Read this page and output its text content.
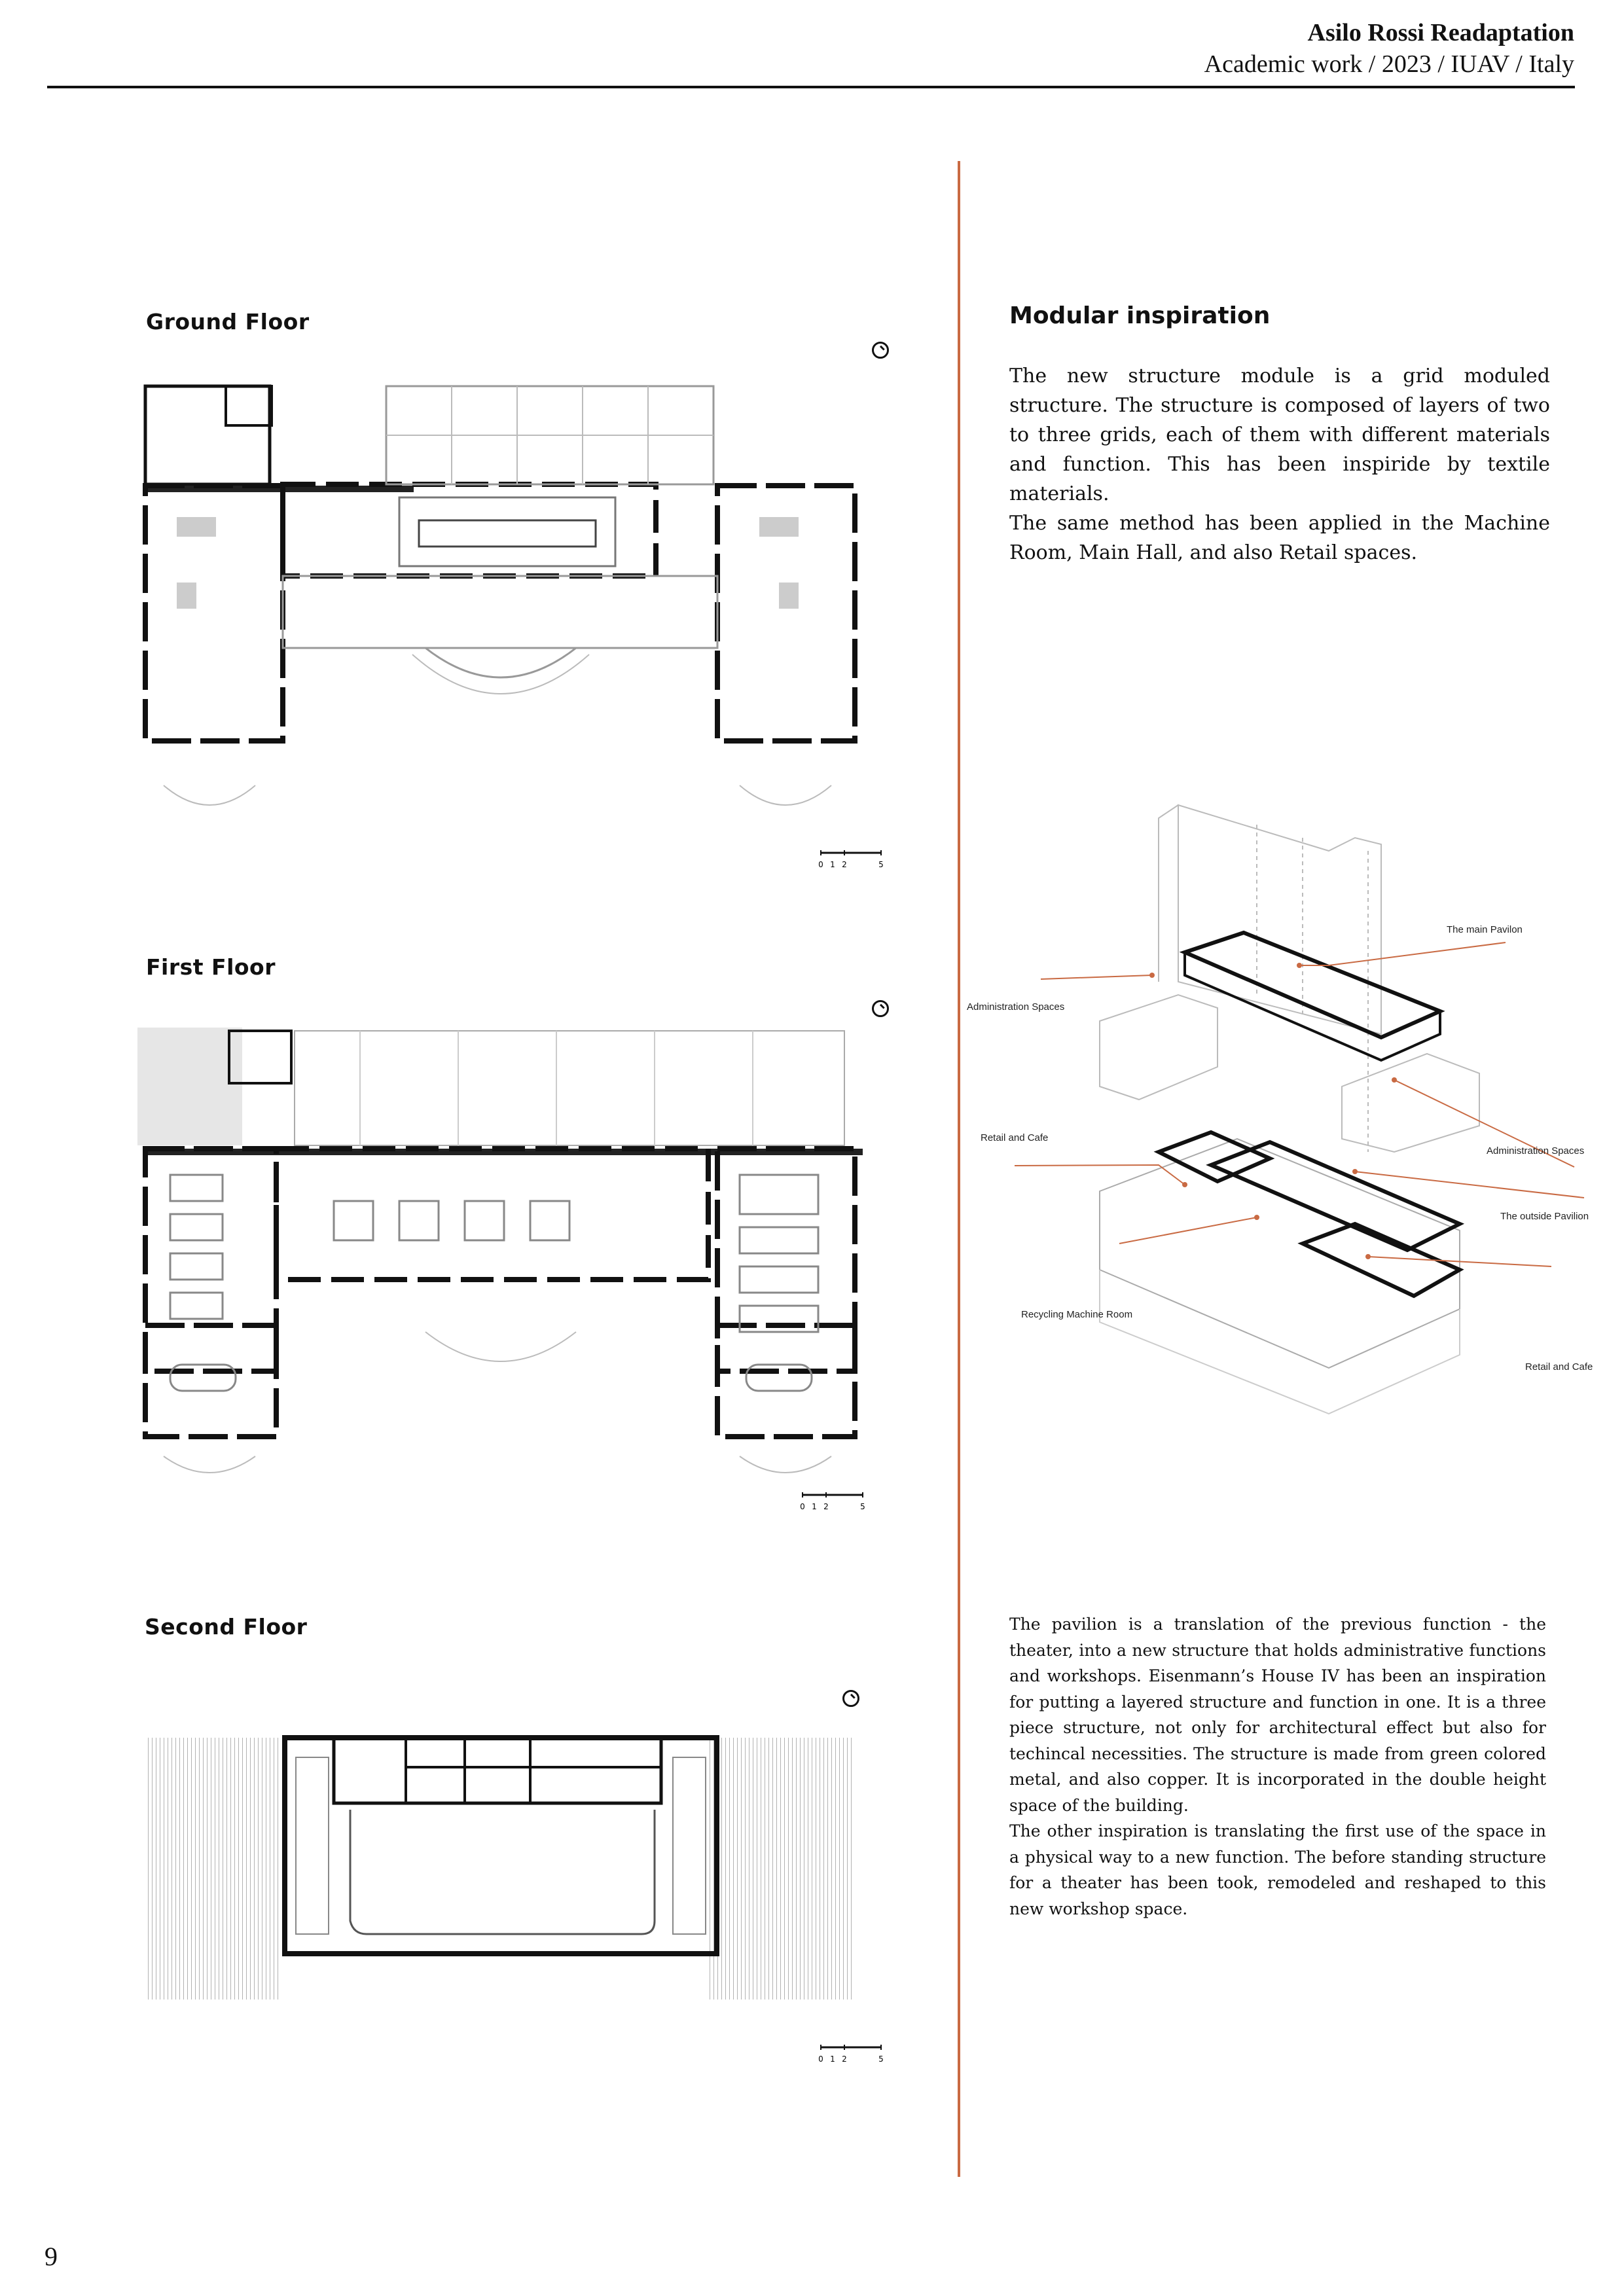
Asilo Rossi Readaptation
Academic work / 2023 / IUAV / Italy
Ground Floor
0 1 2	5
First Floor
0 1 2	5
Second Floor
0 1 2	5
Modular inspiration

The new structure module is a grid moduled structure. The structure is composed of layers of two to three grids, each of them with different materials and function. This has been inspiride by textile materials.

The same method has been applied in the Machine Room, Main Hall, and also Retail spaces.

The main Pavilon
Administration Spaces
Retail and Cafe
Administration Spaces
The outside Pavilion
Recycling Machine Room
Retail and Cafe

The pavilion is a translation of the previous function - the theater, into a new structure that holds administrative functions and workshops. Eisenmann’s House IV has been an inspiration for putting a layered structure and function in one. It is a three piece structure, not only for architectural effect but also for techincal necessities. The structure is made from green colored metal, and also copper. It is incorporated in the double height space of the building.

The other inspiration is translating the first use of the space in a physical way to a new function. The before standing structure for a theater has been took, remodeled and reshaped to this new workshop space.

9
